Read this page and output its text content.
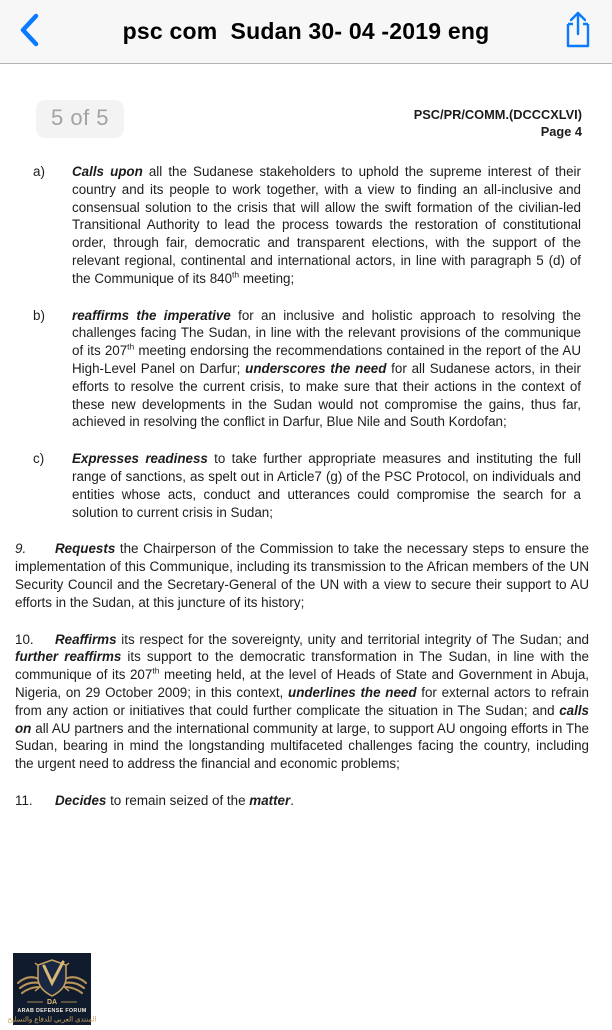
psc com  Sudan 30- 04 -2019 eng
5 of 5	PSC/PR/COMM.(DCCCXLVI)
Page 4
a)	Calls upon all the Sudanese stakeholders to uphold the supreme interest of their country and its people to work together, with a view to finding an all-inclusive and consensual solution to the crisis that will allow the swift formation of the civilian-led Transitional Authority to lead the process towards the restoration of constitutional order, through fair, democratic and transparent elections, with the support of the relevant regional, continental and international actors, in line with paragraph 5 (d) of the Communique of its 840th meeting;
b)	reaffirms the imperative for an inclusive and holistic approach to resolving the challenges facing The Sudan, in line with the relevant provisions of the communique of its 207th meeting endorsing the recommendations contained in the report of the AU High-Level Panel on Darfur; underscores the need for all Sudanese actors, in their efforts to resolve the current crisis, to make sure that their actions in the context of these new developments in the Sudan would not compromise the gains, thus far, achieved in resolving the conflict in Darfur, Blue Nile and South Kordofan;
c)	Expresses readiness to take further appropriate measures and instituting the full range of sanctions, as spelt out in Article7 (g) of the PSC Protocol, on individuals and entities whose acts, conduct and utterances could compromise the search for a solution to current crisis in Sudan;
9. Requests the Chairperson of the Commission to take the necessary steps to ensure the implementation of this Communique, including its transmission to the African members of the UN Security Council and the Secretary-General of the UN with a view to secure their support to AU efforts in the Sudan, at this juncture of its history;
10. Reaffirms its respect for the sovereignty, unity and territorial integrity of The Sudan; and further reaffirms its support to the democratic transformation in The Sudan, in line with the communique of its 207th meeting held, at the level of Heads of State and Government in Abuja, Nigeria, on 29 October 2009; in this context, underlines the need for external actors to refrain from any action or initiatives that could further complicate the situation in The Sudan; and calls on all AU partners and the international community at large, to support AU ongoing efforts in The Sudan, bearing in mind the longstanding multifaceted challenges facing the country, including the urgent need to address the financial and economic problems;
11. Decides to remain seized of the matter.
DA
ARAB DEFENSE FORUM
المنتدى العربي للدفاع والتسليح
